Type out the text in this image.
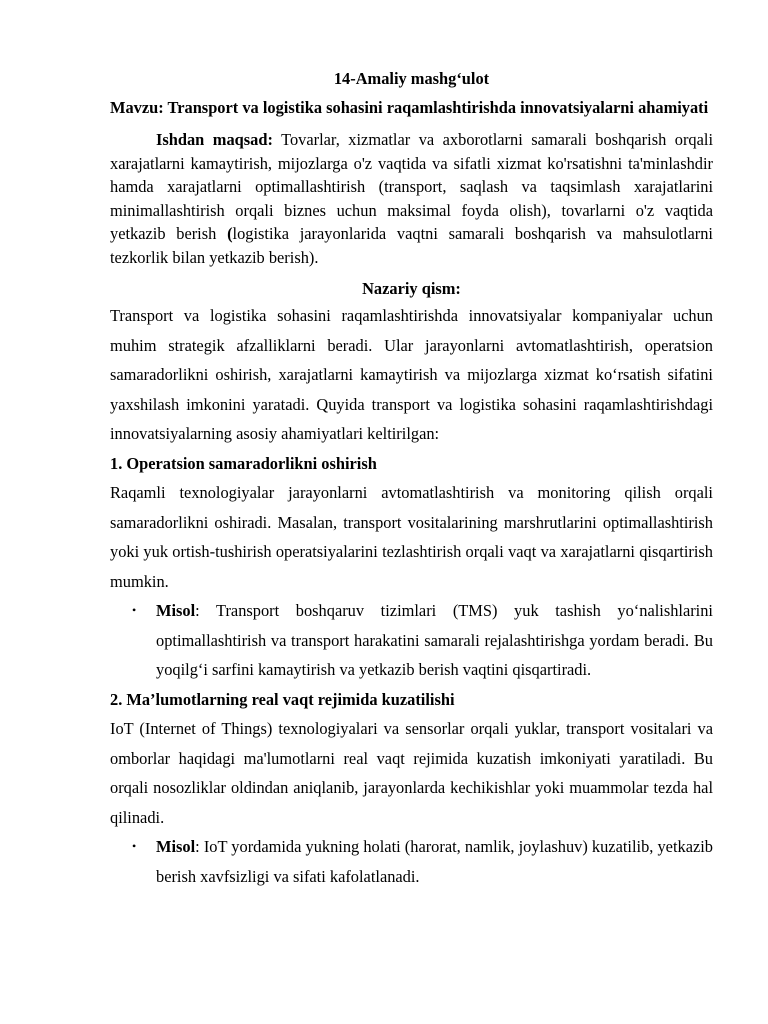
14-Amaliy mashg‘ulot

Mavzu: Transport va logistika sohasini raqamlashtirishda innovatsiyalarni ahamiyati

Ishdan maqsad: Tovarlar, xizmatlar va axborotlarni samarali boshqarish orqali xarajatlarni kamaytirish, mijozlarga o'z vaqtida va sifatli xizmat ko'rsatishni ta'minlashdir hamda xarajatlarni optimallashtirish (transport, saqlash va taqsimlash xarajatlarini minimallashtirish orqali biznes uchun maksimal foyda olish), tovarlarni o'z vaqtida yetkazib berish (logistika jarayonlarida vaqtni samarali boshqarish va mahsulotlarni tezkorlik bilan yetkazib berish).

Nazariy qism:

Transport va logistika sohasini raqamlashtirishda innovatsiyalar kompaniyalar uchun muhim strategik afzalliklarni beradi. Ular jarayonlarni avtomatlashtirish, operatsion samaradorlikni oshirish, xarajatlarni kamaytirish va mijozlarga xizmat ko‘rsatish sifatini yaxshilash imkonini yaratadi. Quyida transport va logistika sohasini raqamlashtirishdagi innovatsiyalarning asosiy ahamiyatlari keltirilgan:

1. Operatsion samaradorlikni oshirish

Raqamli texnologiyalar jarayonlarni avtomatlashtirish va monitoring qilish orqali samaradorlikni oshiradi. Masalan, transport vositalarining marshrutlarini optimallashtirish yoki yuk ortish-tushirish operatsiyalarini tezlashtirish orqali vaqt va xarajatlarni qisqartirish mumkin.

• Misol: Transport boshqaruv tizimlari (TMS) yuk tashish yo‘nalishlarini optimallashtirish va transport harakatini samarali rejalashtirishga yordam beradi. Bu yoqilg‘i sarfini kamaytirish va yetkazib berish vaqtini qisqartiradi.

2. Ma’lumotlarning real vaqt rejimida kuzatilishi

IoT (Internet of Things) texnologiyalari va sensorlar orqali yuklar, transport vositalari va omborlar haqidagi ma'lumotlarni real vaqt rejimida kuzatish imkoniyati yaratiladi. Bu orqali nosozliklar oldindan aniqlanib, jarayonlarda kechikishlar yoki muammolar tezda hal qilinadi.

• Misol: IoT yordamida yukning holati (harorat, namlik, joylashuv) kuzatilib, yetkazib berish xavfsizligi va sifati kafolatlanadi.
